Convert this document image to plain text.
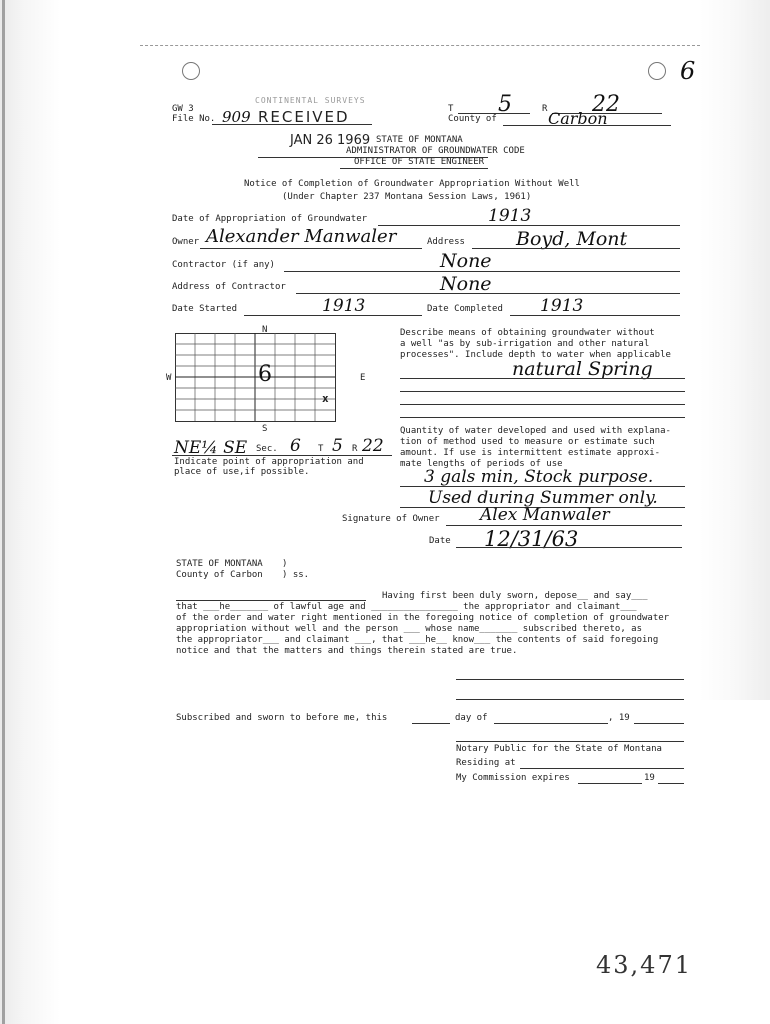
6
GW 3
File No. 909 RECEIVED
CONTINENTAL SURVEYS
T 5	R 22
County of	Carbon
JAN 26 1969 STATE OF MONTANA
ADMINISTRATOR OF GROUNDWATER CODE
OFFICE OF STATE ENGINEER
Notice of Completion of Groundwater Appropriation Without Well
(Under Chapter 237 Montana Session Laws, 1961)
Date of Appropriation of Groundwater	1913
Owner Alexander Manwaler	Address	Boyd, Mont
Contractor (if any)	None
Address of Contractor	None
Date Started	1913	Date Completed 1913
N
W	E
S
6
x
NE¼ SE Sec. 6 T 5 R 22
Indicate point of appropriation and
place of use,if possible.
Describe means of obtaining groundwater without
a well "as by sub-irrigation and other natural
processes". Include depth to water when applicable
natural Spring
Quantity of water developed and used with explana-
tion of method used to measure or estimate such
amount. If use is intermittent estimate approxi-
mate lengths of periods of use
3 gals min, Stock purpose.
Used during Summer only.
Signature of Owner Alex Manwaler
Date 12/31/63
STATE OF MONTANA )
County of Carbon ) ss.
Having first been duly sworn, depose__ and say___
that ___he_______ of lawful age and ________________ the appropriator and claimant___
of the order and water right mentioned in the foregoing notice of completion of groundwater
appropriation without well and the person ___ whose name_______ subscribed thereto, as
the appropriator___ and claimant ___, that ___he__ know___ the contents of said foregoing
notice and that the matters and things therein stated are true.
Subscribed and sworn to before me, this	day of	, 19
Notary Public for the State of Montana
Residing at
My Commission expires	19
43,471
